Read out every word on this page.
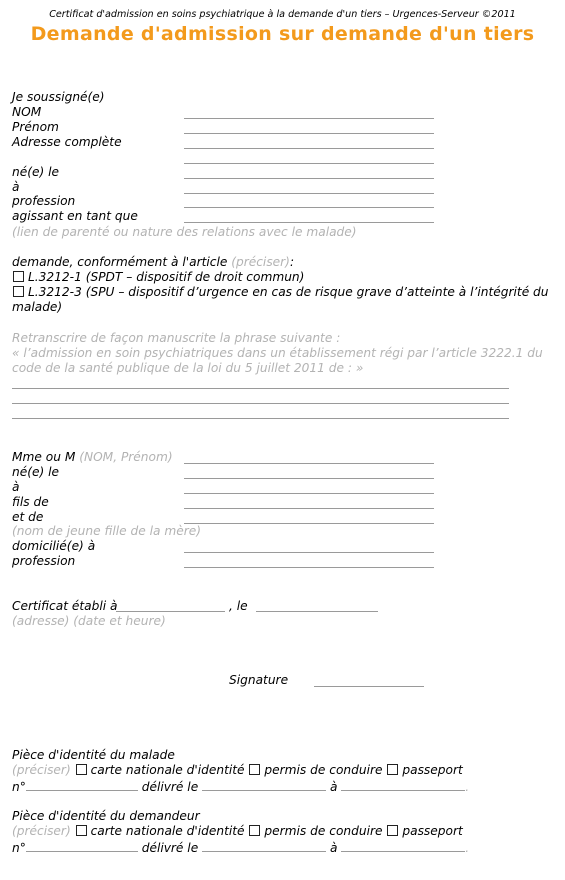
Certificat d'admission en soins psychiatrique à la demande d'un tiers – Urgences-Serveur ©2011
Demande d'admission sur demande d'un tiers
Je soussigné(e)
NOM
Prénom
Adresse complète
né(e) le
à
profession
agissant en tant que
(lien de parenté ou nature des relations avec le malade)
demande, conformément à l'article (préciser):
L.3212-1 (SPDT – dispositif de droit commun)
L.3212-3 (SPU – dispositif d’urgence en cas de risque grave d’atteinte à l’intégrité du
malade)
Retranscrire de façon manuscrite la phrase suivante :
« l’admission en soin psychiatriques dans un établissement régi par l’article 3222.1 du
code de la santé publique de la loi du 5 juillet 2011 de : »
Mme ou M (NOM, Prénom)
né(e) le
à
fils de
et de
(nom de jeune fille de la mère)
domicilié(e) à
profession
Certificat établi à	, le
(adresse) (date et heure)
Signature
Pièce d'identité du malade
(préciser) carte nationale d'identité permis de conduire passeport
n°	délivré le	à	.
Pièce d'identité du demandeur
(préciser) carte nationale d'identité permis de conduire passeport
n°	délivré le	à	.
